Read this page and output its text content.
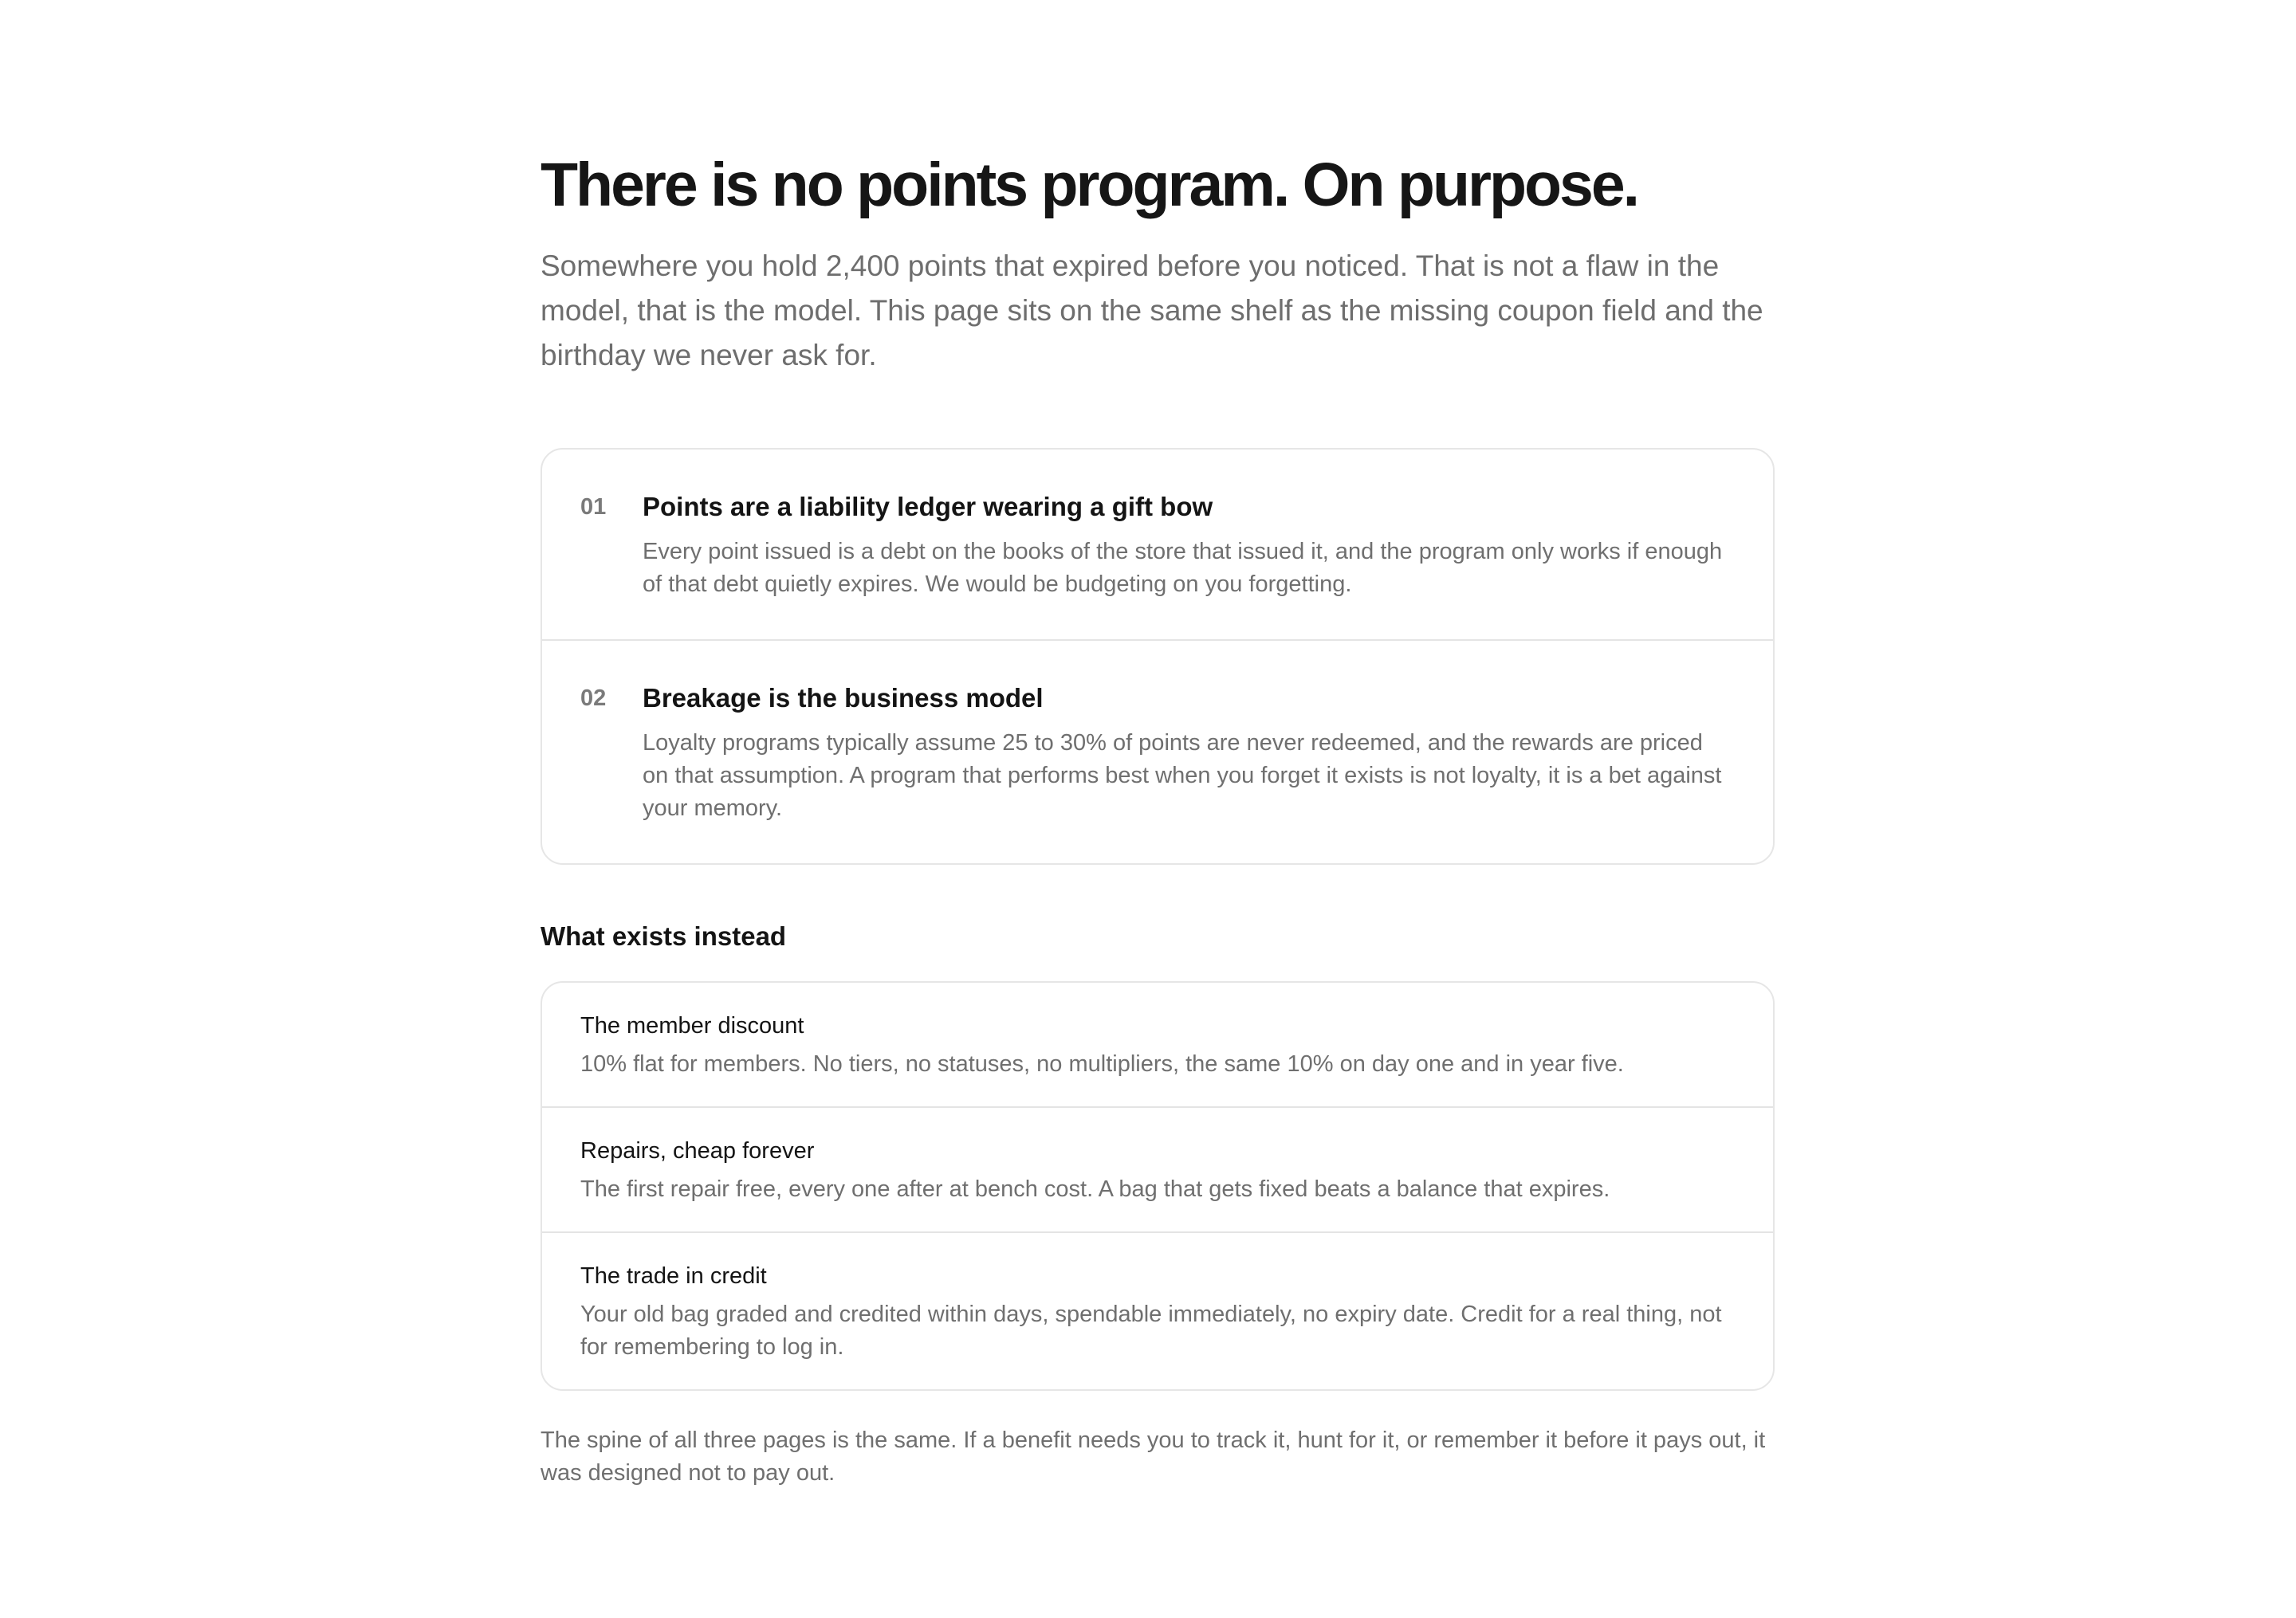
There is no points program. On purpose.

Somewhere you hold 2,400 points that expired before you noticed. That is not a flaw in the model, that is the model. This page sits on the same shelf as the missing coupon field and the birthday we never ask for.

01	Points are a liability ledger wearing a gift bow

Every point issued is a debt on the books of the store that issued it, and the program only works if enough of that debt quietly expires. We would be budgeting on you forgetting.

02	Breakage is the business model

Loyalty programs typically assume 25 to 30% of points are never redeemed, and the rewards are priced on that assumption. A program that performs best when you forget it exists is not loyalty, it is a bet against your memory.

What exists instead

The member discount

10% flat for members. No tiers, no statuses, no multipliers, the same 10% on day one and in year five.

Repairs, cheap forever

The first repair free, every one after at bench cost. A bag that gets fixed beats a balance that expires.

The trade in credit

Your old bag graded and credited within days, spendable immediately, no expiry date. Credit for a real thing, not for remembering to log in.

The spine of all three pages is the same. If a benefit needs you to track it, hunt for it, or remember it before it pays out, it was designed not to pay out.
